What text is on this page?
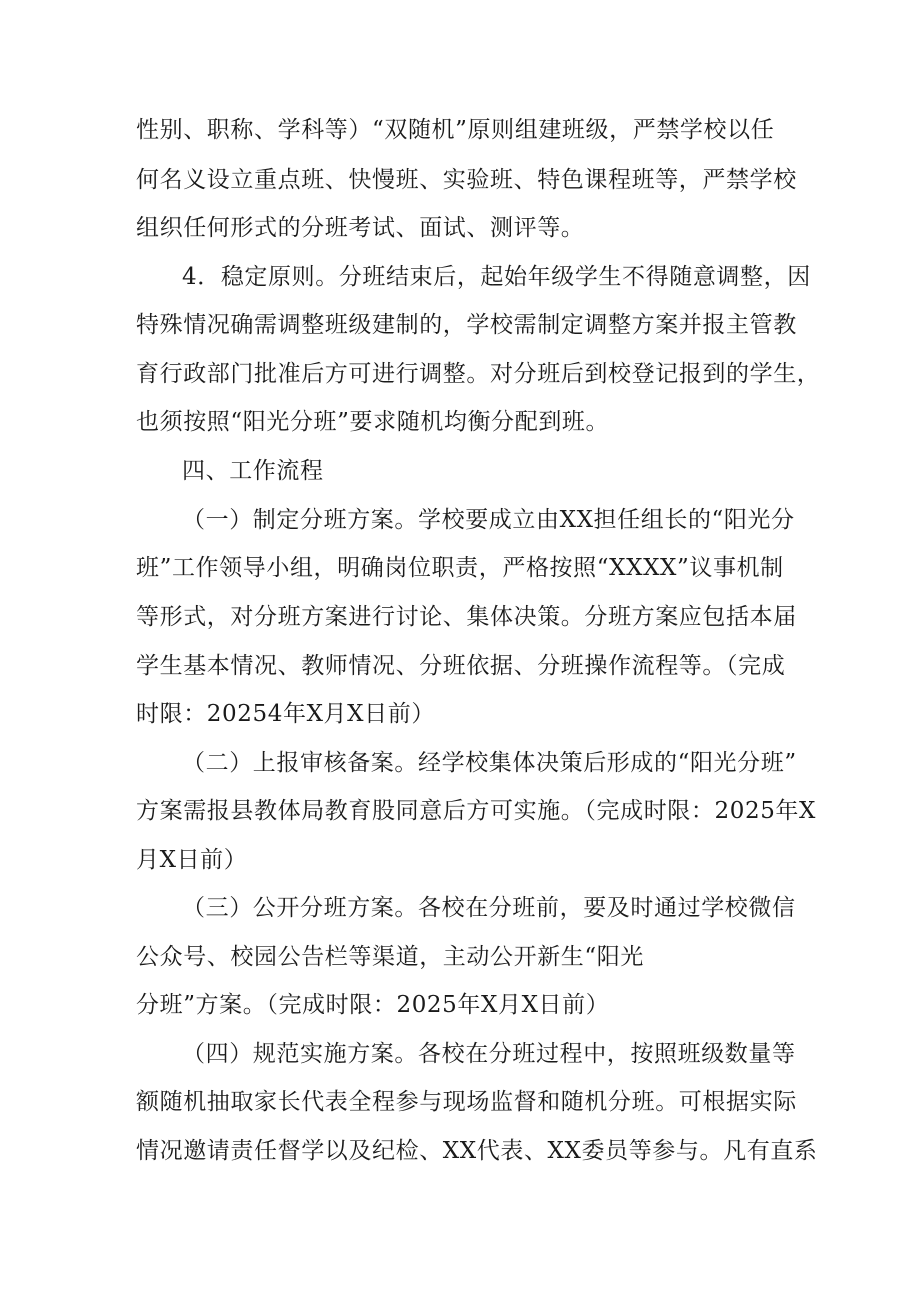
性别、职称、学科等）“双随机”原则组建班级，严禁学校以任

何名义设立重点班、快慢班、实验班、特色课程班等，严禁学校

组织任何形式的分班考试、面试、测评等。

4．稳定原则。分班结束后，起始年级学生不得随意调整，因

特殊情况确需调整班级建制的，学校需制定调整方案并报主管教

育行政部门批准后方可进行调整。对分班后到校登记报到的学生，

也须按照“阳光分班”要求随机均衡分配到班。

四、工作流程

（一）制定分班方案。学校要成立由XX担任组长的“阳光分

班”工作领导小组，明确岗位职责，严格按照“XXXX”议事机制

等形式，对分班方案进行讨论、集体决策。分班方案应包括本届

学生基本情况、教师情况、分班依据、分班操作流程等。（完成

时限：20254年X月X日前）

（二）上报审核备案。经学校集体决策后形成的“阳光分班”

方案需报县教体局教育股同意后方可实施。（完成时限：2025年X

月X日前）

（三）公开分班方案。各校在分班前，要及时通过学校微信

公众号、校园公告栏等渠道，主动公开新生“阳光

分班”方案。（完成时限：2025年X月X日前）

（四）规范实施方案。各校在分班过程中，按照班级数量等

额随机抽取家长代表全程参与现场监督和随机分班。可根据实际

情况邀请责任督学以及纪检、XX代表、XX委员等参与。凡有直系
